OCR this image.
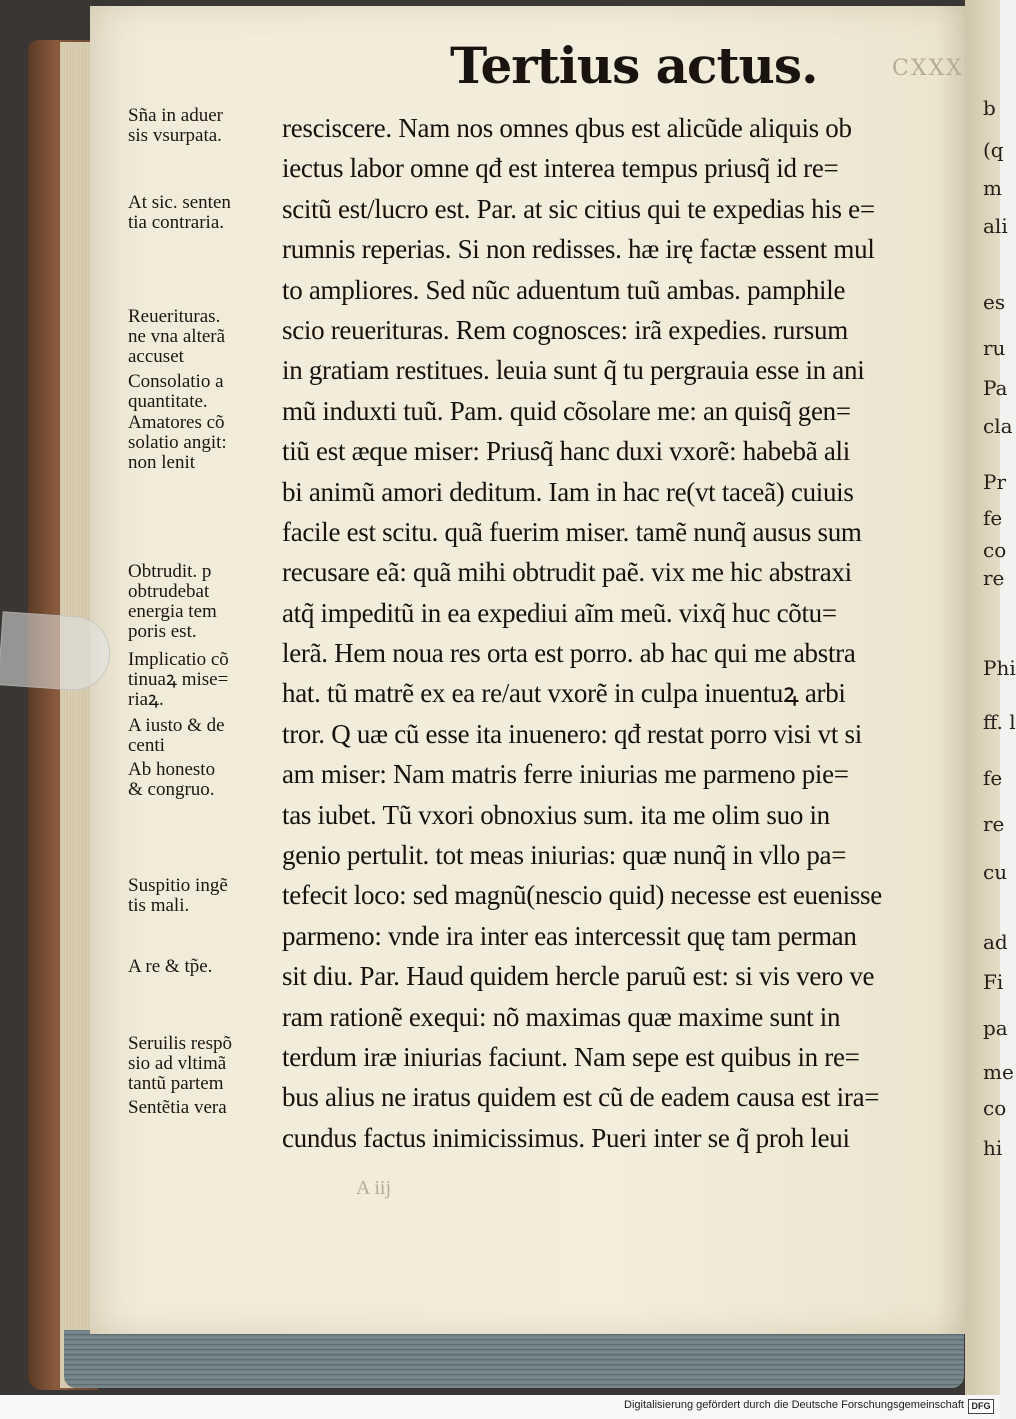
b
(q
m
ali
es
ru
Pa
cla
Pr
fe
co
re
Phi
ff. l
fe
re
cu
ad
Fi
pa
me
co
hi
Tertius actus.	CXXX
resciscere. Nam nos omnes qbus est alicũde aliquis ob
iectus labor omne qđ est interea tempus priusq̃ id re=
scitũ est/lucro est. Par. at sic citius qui te expedias his e=
rumnis reperias. Si non redisses. hæ irę factæ essent mul
to ampliores. Sed nũc aduentum tuũ ambas. pamphile
scio reuerituras. Rem cognosces: irã expedies. rursum
in gratiam restitues. leuia sunt q̃ tu pergrauia esse in ani
mũ induxti tuũ. Pam. quid cõsolare me: an quisq̃ gen=
tiũ est æque miser: Priusq̃ hanc duxi vxorẽ: habebã ali
bi animũ amori deditum. Iam in hac re(vt taceã) cuiuis
facile est scitu. quã fuerim miser. tamẽ nunq̃ ausus sum
recusare eã: quã mihi obtrudit paẽ. vix me hic abstraxi
atq̃ impeditũ in ea expediui aĩm meũ. vixq̃ huc cõtu=
lerã. Hem noua res orta est porro. ab hac qui me abstra
hat. tũ matrẽ ex ea re/aut vxorẽ in culpa inuentuꝝ arbi
tror. Q uæ cũ esse ita inuenero: qđ restat porro visi vt si
am miser: Nam matris ferre iniurias me parmeno pie=
tas iubet. Tũ vxori obnoxius sum. ita me olim suo in
genio pertulit. tot meas iniurias: quæ nunq̃ in vllo pa=
tefecit loco: sed magnũ(nescio quid) necesse est euenisse
parmeno: vnde ira inter eas intercessit quę tam perman
sit diu. Par. Haud quidem hercle paruũ est: si vis vero ve
ram rationẽ exequi: nõ maximas quæ maxime sunt in
terdum iræ iniurias faciunt. Nam sepe est quibus in re=
bus alius ne iratus quidem est cũ de eadem causa est ira=
cundus factus inimicissimus. Pueri inter se q̃ proh leui
Sña in aduer
sis vsurpata.
At sic. senten
tia contraria.
Reuerituras.
ne vna alterã
accuset
Consolatio a
quantitate.
Amatores cõ
solatio angit:
non lenit
Obtrudit. p
obtrudebat
energia tem
poris est.
Implicatio cõ
tinuaꝝ mise=
riaꝝ.
A iusto & de
centi
Ab honesto
& congruo.
Suspitio ingẽ
tis mali.
A re & tp̃e.
Seruilis respõ
sio ad vltimã
tantũ partem
Sentẽtia vera
A iij
Digitalisierung gefördert durch die Deutsche Forschungsgemeinschaft DFG
